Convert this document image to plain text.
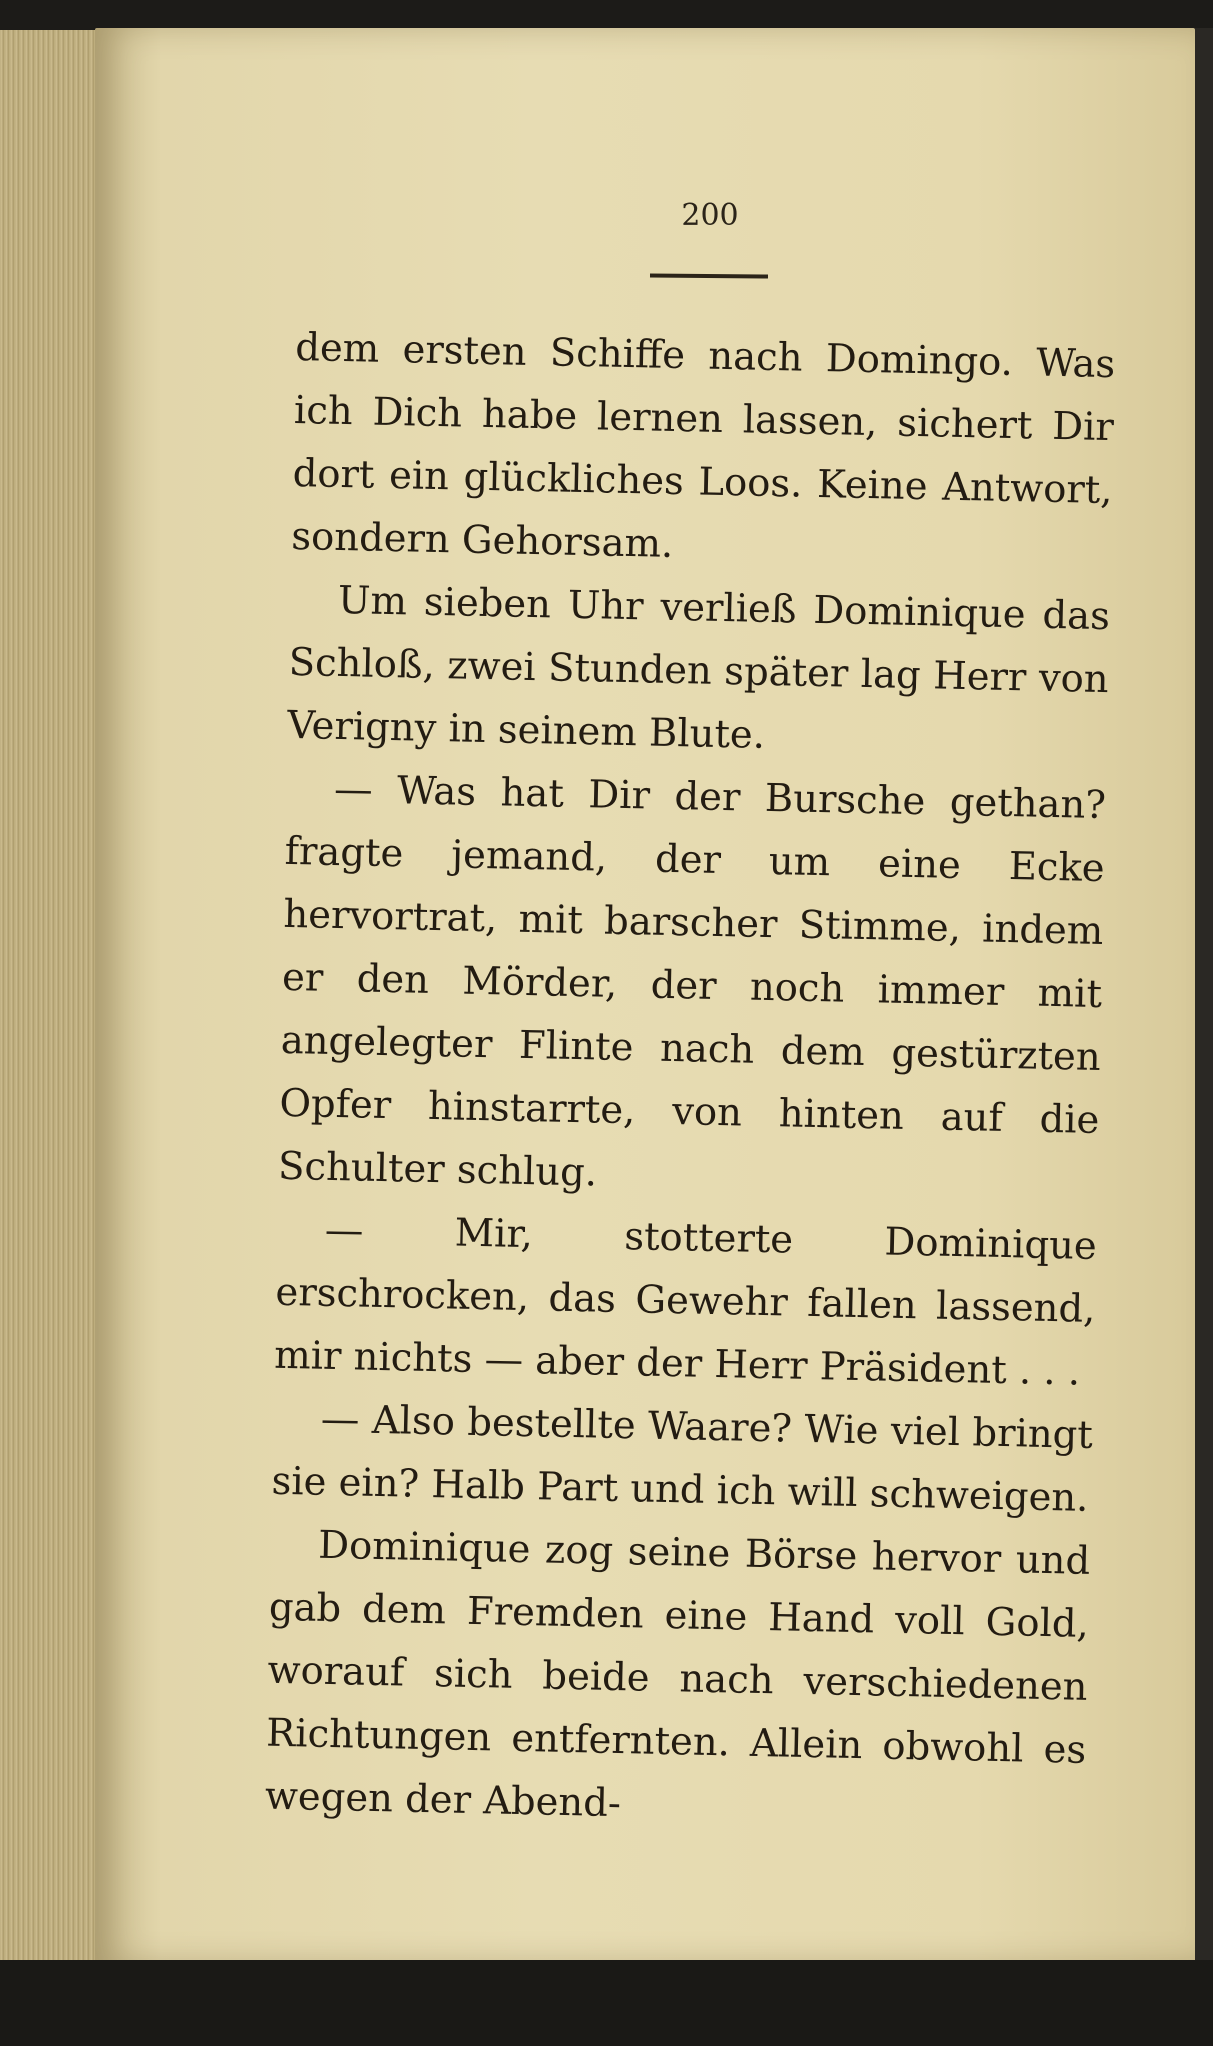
200

dem ersten Schiffe nach Domingo. Was ich Dich habe lernen lassen, sichert Dir dort ein glückliches Loos. Keine Antwort, sondern Gehorsam.

Um sieben Uhr verließ Dominique das Schloß, zwei Stunden später lag Herr von Verigny in seinem Blute.

— Was hat Dir der Bursche gethan? fragte jemand, der um eine Ecke hervortrat, mit barscher Stimme, indem er den Mörder, der noch immer mit angelegter Flinte nach dem gestürzten Opfer hinstarrte, von hinten auf die Schulter schlug.

— Mir, stotterte Dominique erschrocken, das Gewehr fallen lassend, mir nichts — aber der Herr Präsident . . .

— Also bestellte Waare? Wie viel bringt sie ein? Halb Part und ich will schweigen.

Dominique zog seine Börse hervor und gab dem Fremden eine Hand voll Gold, worauf sich beide nach verschiedenen Richtungen entfernten. Allein obwohl es wegen der Abend-
